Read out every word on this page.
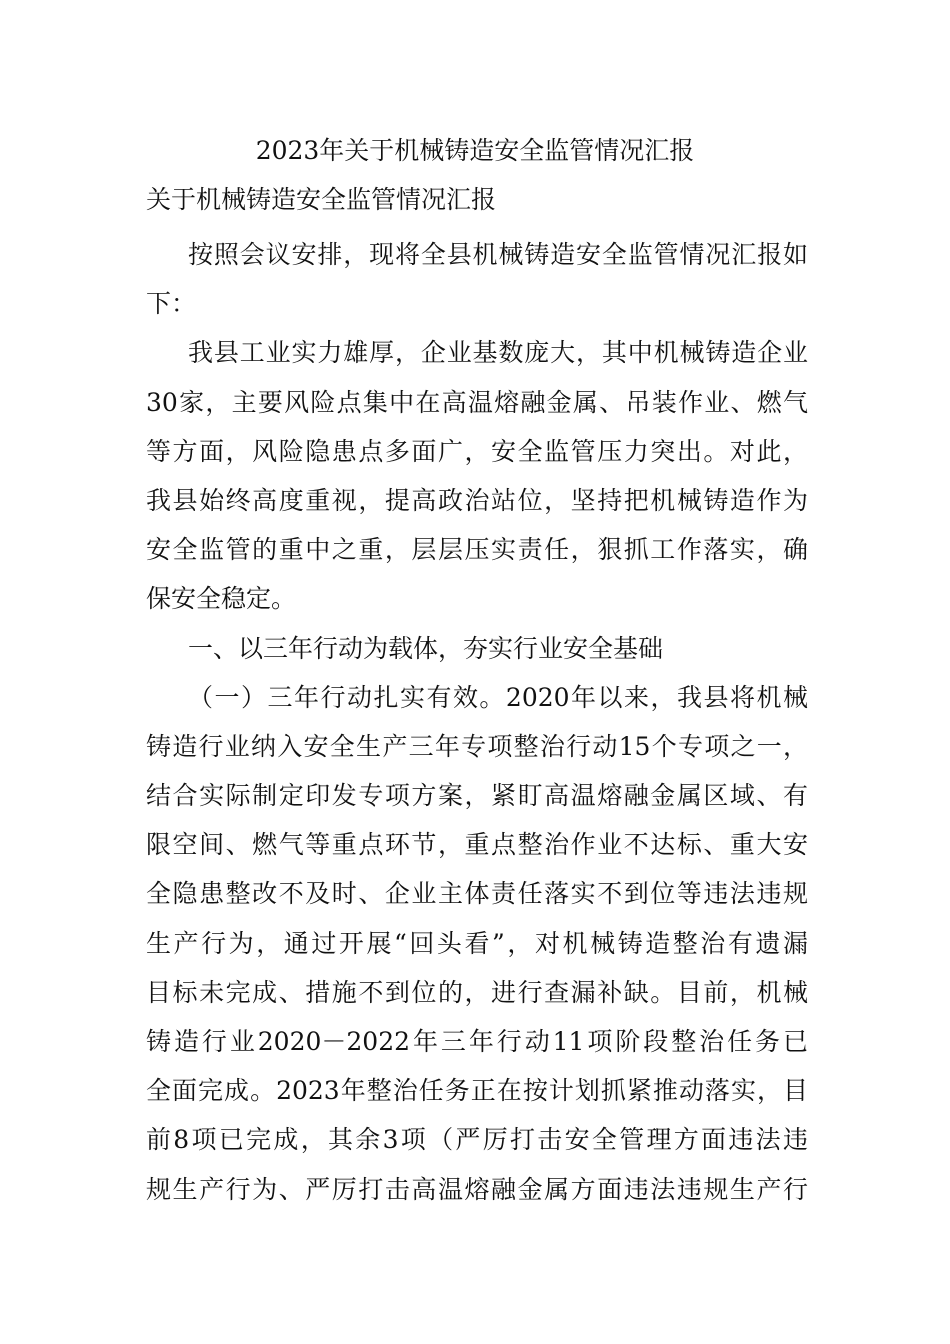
2023年关于机械铸造安全监管情况汇报
关于机械铸造安全监管情况汇报
按照会议安排，现将全县机械铸造安全监管情况汇报如
下：
我县工业实力雄厚，企业基数庞大，其中机械铸造企业
30家，主要风险点集中在高温熔融金属、吊装作业、燃气
等方面，风险隐患点多面广，安全监管压力突出。对此，
我县始终高度重视，提高政治站位，坚持把机械铸造作为
安全监管的重中之重，层层压实责任，狠抓工作落实，确
保安全稳定。
一、以三年行动为载体，夯实行业安全基础
（一）三年行动扎实有效。2020年以来，我县将机械
铸造行业纳入安全生产三年专项整治行动15个专项之一，
结合实际制定印发专项方案，紧盯高温熔融金属区域、有
限空间、燃气等重点环节，重点整治作业不达标、重大安
全隐患整改不及时、企业主体责任落实不到位等违法违规
生产行为，通过开展“回头看”，对机械铸造整治有遗漏
目标未完成、措施不到位的，进行查漏补缺。目前，机械
铸造行业2020－2022年三年行动11项阶段整治任务已
全面完成。2023年整治任务正在按计划抓紧推动落实，目
前8项已完成，其余3项（严厉打击安全管理方面违法违
规生产行为、严厉打击高温熔融金属方面违法违规生产行
